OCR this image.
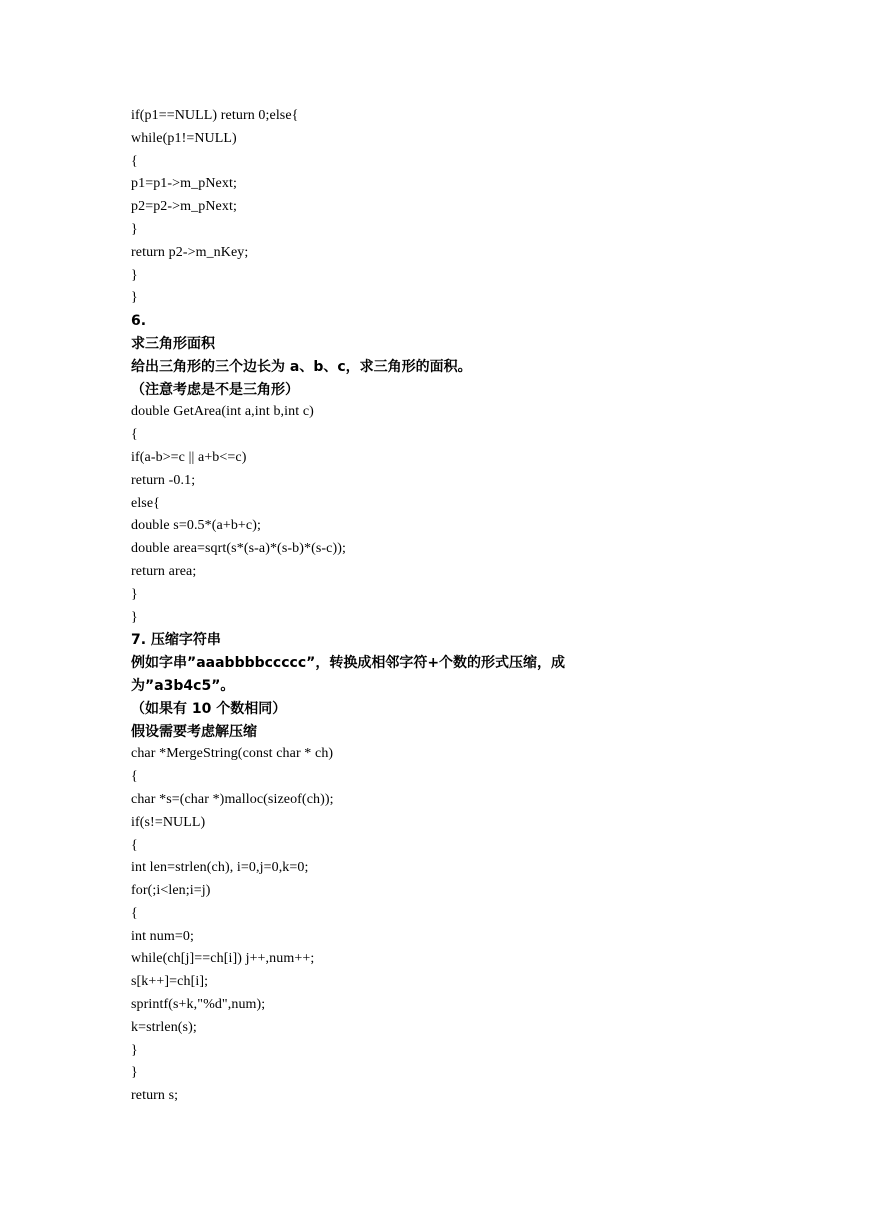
if(p1==NULL) return 0;else{
while(p1!=NULL)
{
p1=p1->m_pNext;
p2=p2->m_pNext;
}
return p2->m_nKey;
}
}
6.
求三角形面积
给出三角形的三个边长为 a、b、c，求三角形的面积。
（注意考虑是不是三角形）
double GetArea(int a,int b,int c)
{
if(a-b>=c || a+b<=c)
return -0.1;
else{
double s=0.5*(a+b+c);
double area=sqrt(s*(s-a)*(s-b)*(s-c));
return area;
}
}
7. 压缩字符串
例如字串”aaabbbbccccc”，转换成相邻字符+个数的形式压缩，成
为”a3b4c5”。
（如果有 10 个数相同）
假设需要考虑解压缩
char *MergeString(const char * ch)
{
char *s=(char *)malloc(sizeof(ch));
if(s!=NULL)
{
int len=strlen(ch), i=0,j=0,k=0;
for(;i<len;i=j)
{
int num=0;
while(ch[j]==ch[i]) j++,num++;
s[k++]=ch[i];
sprintf(s+k,"%d",num);
k=strlen(s);
}
}
return s;
